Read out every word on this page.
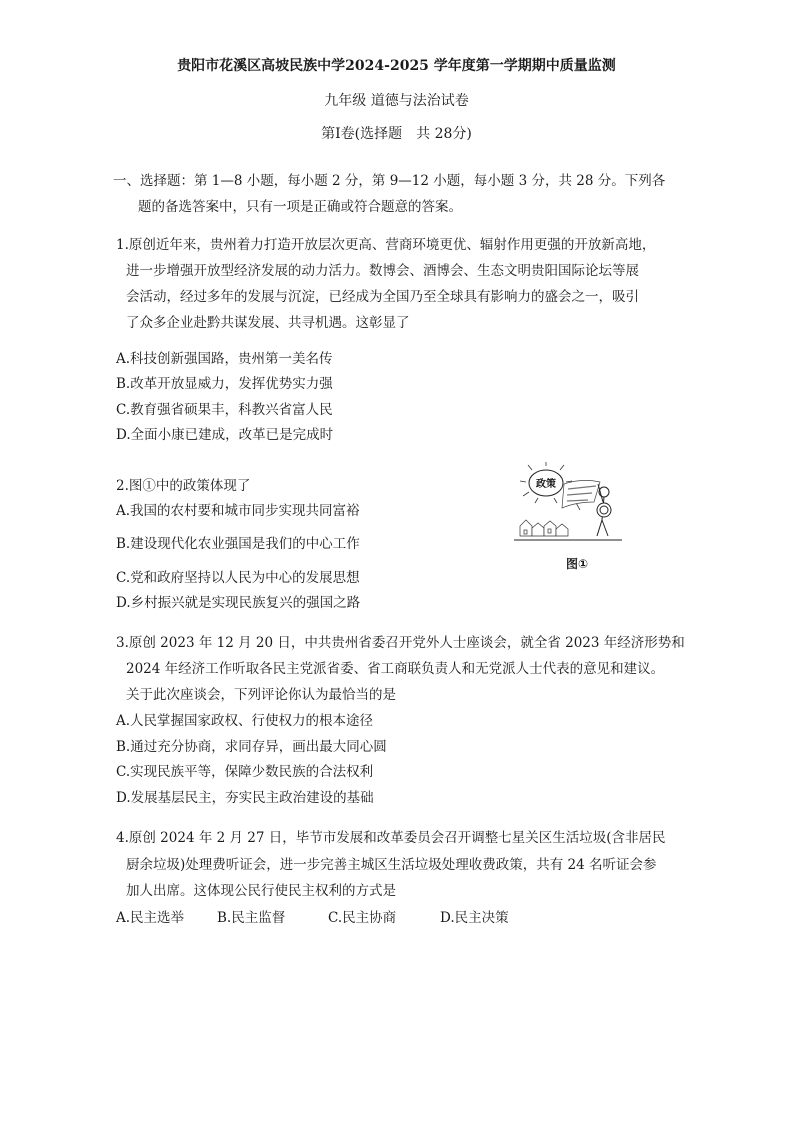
贵阳市花溪区高坡民族中学2024-2025 学年度第一学期期中质量监测
九年级 道德与法治试卷
第Ⅰ卷(选择题　共 28分)
一、选择题：第 1—8 小题，每小题 2 分，第 9—12 小题，每小题 3 分，共 28 分。下列各
题的备选答案中，只有一项是正确或符合题意的答案。
1.原创近年来，贵州着力打造开放层次更高、营商环境更优、辐射作用更强的开放新高地，
进一步增强开放型经济发展的动力活力。数博会、酒博会、生态文明贵阳国际论坛等展
会活动，经过多年的发展与沉淀，已经成为全国乃至全球具有影响力的盛会之一，吸引
了众多企业赴黔共谋发展、共寻机遇。这彰显了
A.科技创新强国路，贵州第一美名传
B.改革开放显威力，发挥优势实力强
C.教育强省硕果丰，科教兴省富人民
D.全面小康已建成，改革已是完成时
2.图①中的政策体现了
A.我国的农村要和城市同步实现共同富裕
B.建设现代化农业强国是我们的中心工作
C.党和政府坚持以人民为中心的发展思想
D.乡村振兴就是实现民族复兴的强国之路
政策
图①
3.原创 2023 年 12 月 20 日，中共贵州省委召开党外人士座谈会，就全省 2023 年经济形势和
2024 年经济工作听取各民主党派省委、省工商联负责人和无党派人士代表的意见和建议。
关于此次座谈会，下列评论你认为最恰当的是
A.人民掌握国家政权、行使权力的根本途径
B.通过充分协商，求同存异，画出最大同心圆
C.实现民族平等，保障少数民族的合法权利
D.发展基层民主，夯实民主政治建设的基础
4.原创 2024 年 2 月 27 日，毕节市发展和改革委员会召开调整七星关区生活垃圾(含非居民
厨余垃圾)处理费听证会，进一步完善主城区生活垃圾处理收费政策，共有 24 名听证会参
加人出席。这体现公民行使民主权利的方式是
A.民主选举 B.民主监督	C.民主协商	D.民主决策
